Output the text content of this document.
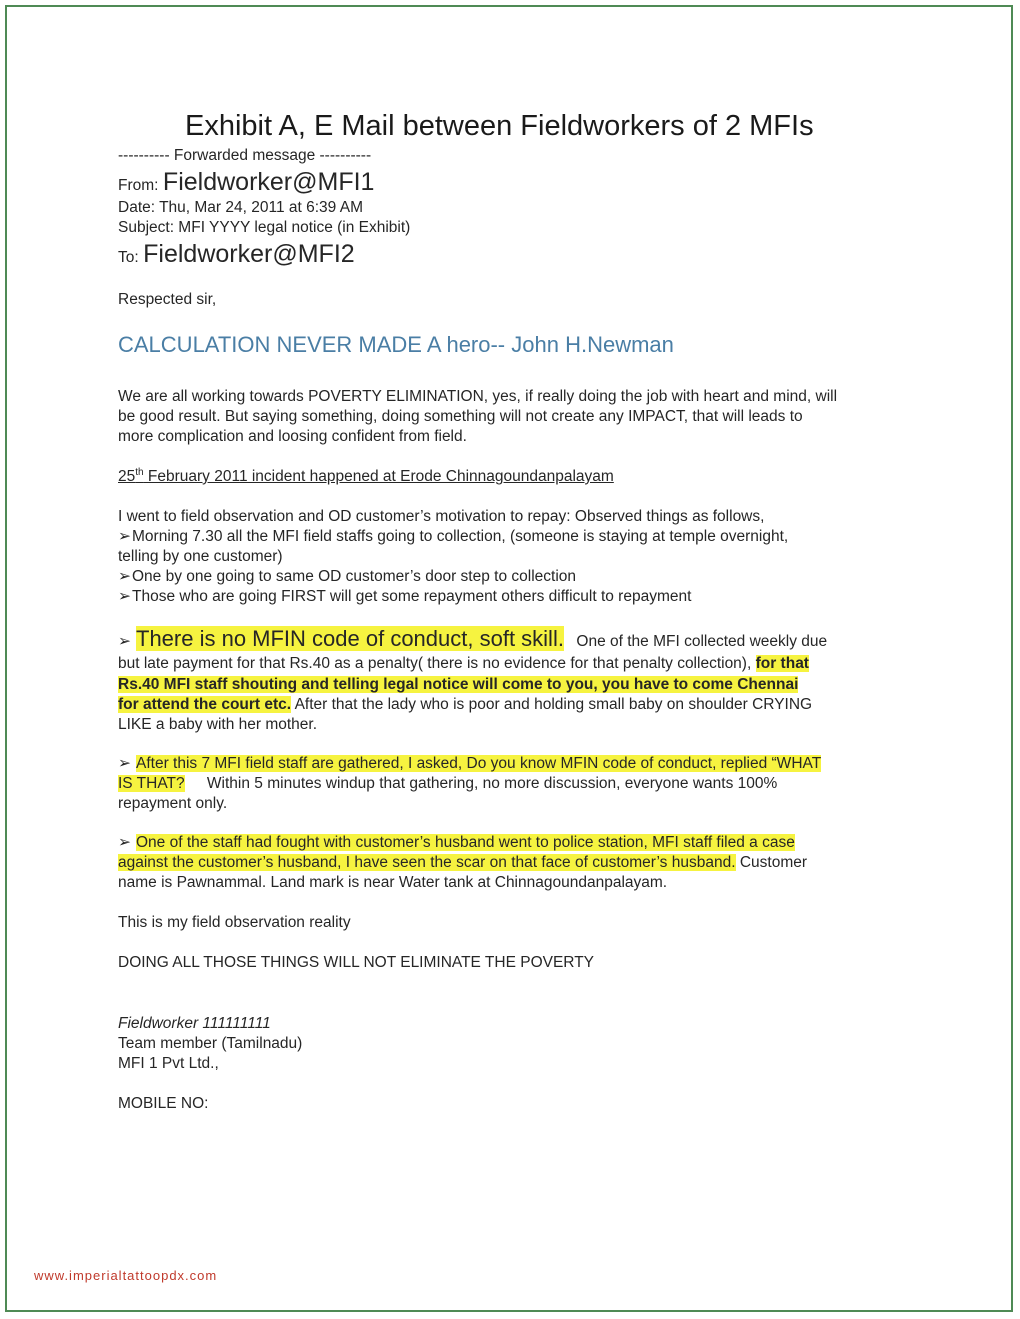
Exhibit A, E Mail between Fieldworkers of 2 MFIs
---------- Forwarded message ----------
From: Fieldworker@MFI1
Date: Thu, Mar 24, 2011 at 6:39 AM
Subject: MFI YYYY legal notice (in Exhibit)
To: Fieldworker@MFI2
Respected sir,
CALCULATION NEVER MADE A hero-- John H.Newman
We are all working towards POVERTY ELIMINATION, yes, if really doing the job with heart and mind, will
be good result. But saying something, doing something will not create any IMPACT, that will leads to
more complication and loosing confident from field.
25th February 2011 incident happened at Erode Chinnagoundanpalayam
I went to field observation and OD customer’s motivation to repay: Observed things as follows,
➢Morning 7.30 all the MFI field staffs going to collection, (someone is staying at temple overnight,
telling by one customer)
➢One by one going to same OD customer’s door step to collection
➢Those who are going FIRST will get some repayment others difficult to repayment
➢ There is no MFIN code of conduct, soft skill. One of the MFI collected weekly due
but late payment for that Rs.40 as a penalty( there is no evidence for that penalty collection), for that
Rs.40 MFI staff shouting and telling legal notice will come to you, you have to come Chennai
for attend the court etc. After that the lady who is poor and holding small baby on shoulder CRYING
LIKE a baby with her mother.
➢ After this 7 MFI field staff are gathered, I asked, Do you know MFIN code of conduct, replied “WHAT
IS THAT? Within 5 minutes windup that gathering, no more discussion, everyone wants 100%
repayment only.
➢ One of the staff had fought with customer’s husband went to police station, MFI staff filed a case
against the customer’s husband, I have seen the scar on that face of customer’s husband. Customer
name is Pawnammal. Land mark is near Water tank at Chinnagoundanpalayam.
This is my field observation reality
DOING ALL THOSE THINGS WILL NOT ELIMINATE THE POVERTY
Fieldworker 111111111
Team member (Tamilnadu)
MFI 1 Pvt Ltd.,
MOBILE NO:
www.imperialtattoopdx.com
